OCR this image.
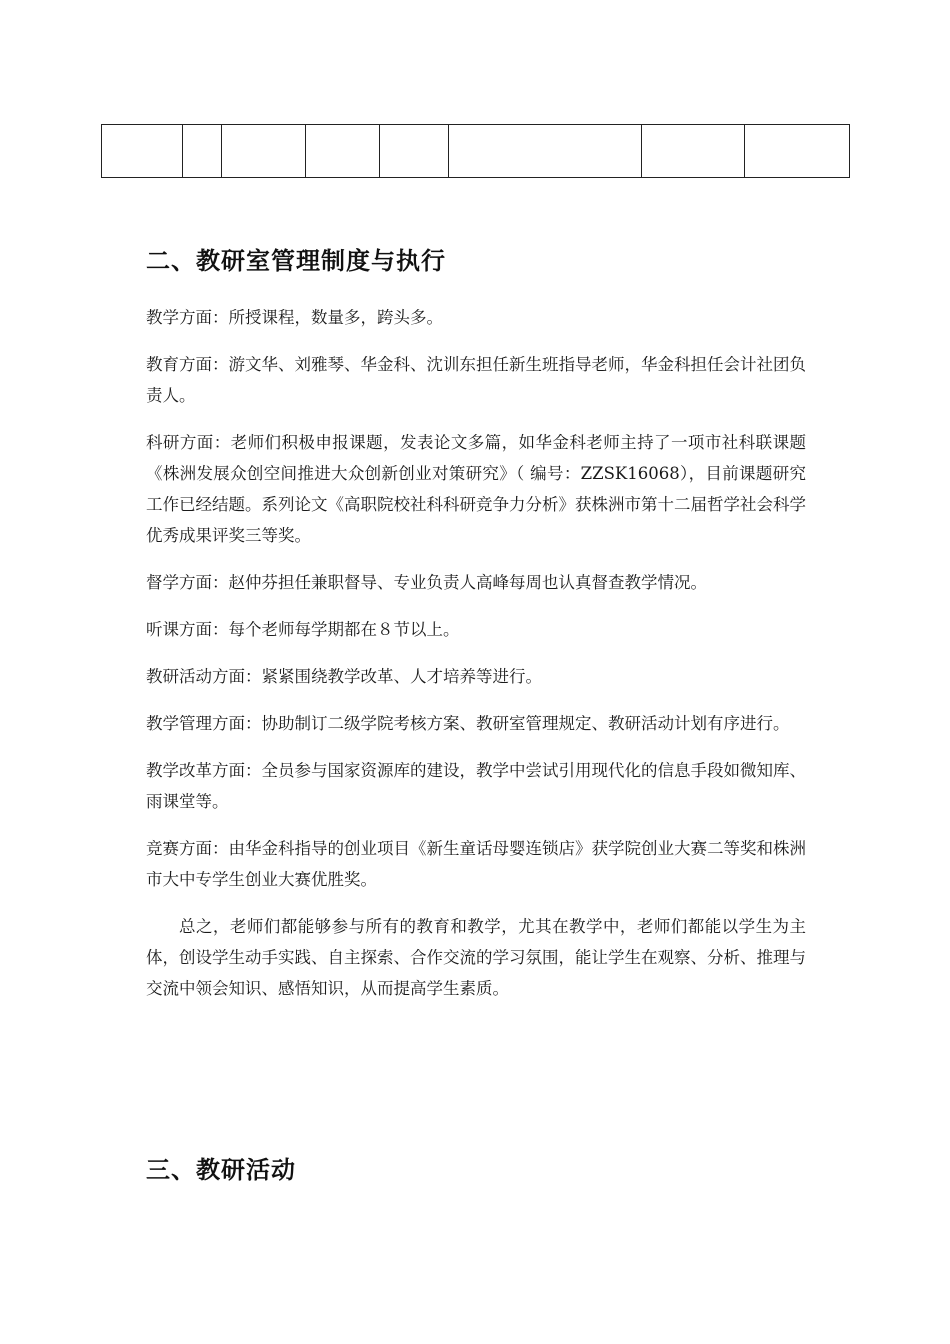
二、教研室管理制度与执行

教学方面：所授课程，数量多，跨头多。

教育方面：游文华、刘雅琴、华金科、沈训东担任新生班指导老师，华金科担任会计社团负责人。

科研方面：老师们积极申报课题，发表论文多篇，如华金科老师主持了一项市社科联课题《株洲发展众创空间推进大众创新创业对策研究》（ 编号：ZZSK16068），目前课题研究工作已经结题。系列论文《高职院校社科科研竞争力分析》获株洲市第十二届哲学社会科学优秀成果评奖三等奖。

督学方面：赵仲芬担任兼职督导、专业负责人高峰每周也认真督查教学情况。

听课方面：每个老师每学期都在８节以上。

教研活动方面：紧紧围绕教学改革、人才培养等进行。

教学管理方面：协助制订二级学院考核方案、教研室管理规定、教研活动计划有序进行。

教学改革方面：全员参与国家资源库的建设，教学中尝试引用现代化的信息手段如微知库、雨课堂等。

竞赛方面：由华金科指导的创业项目《新生童话母婴连锁店》获学院创业大赛二等奖和株洲市大中专学生创业大赛优胜奖。

总之，老师们都能够参与所有的教育和教学，尤其在教学中，老师们都能以学生为主体，创设学生动手实践、自主探索、合作交流的学习氛围，能让学生在观察、分析、推理与交流中领会知识、感悟知识，从而提高学生素质。

三、教研活动
